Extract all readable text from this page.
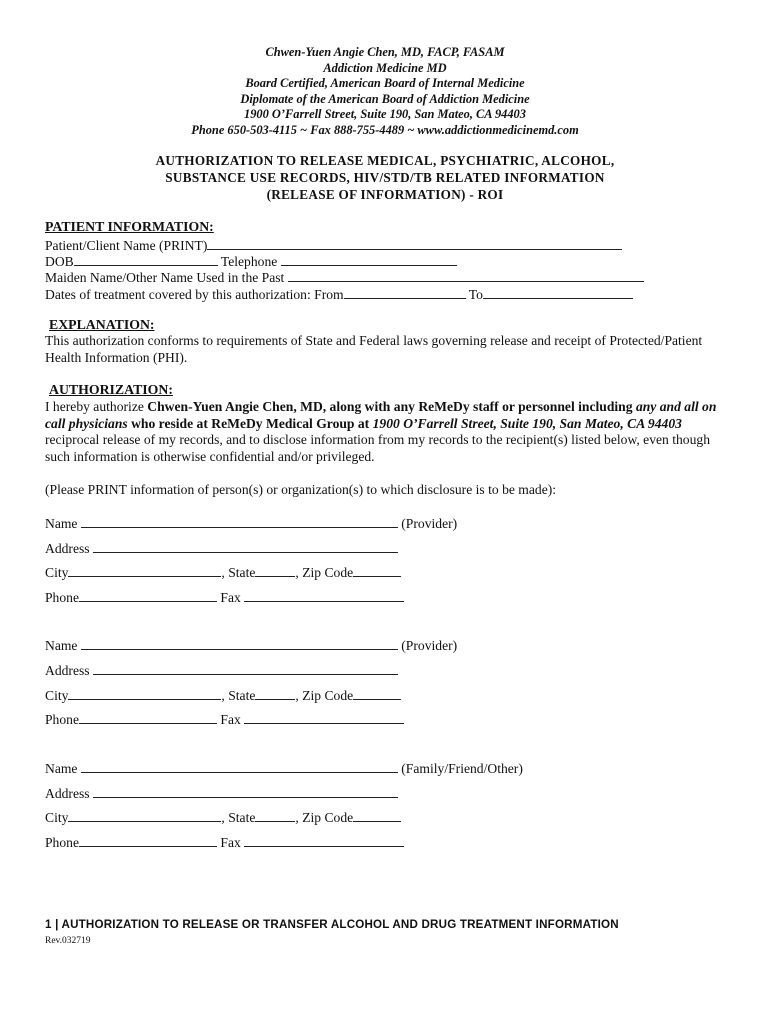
Chwen-Yuen Angie Chen, MD, FACP, FASAM
Addiction Medicine MD
Board Certified, American Board of Internal Medicine
Diplomate of the American Board of Addiction Medicine
1900 O’Farrell Street, Suite 190, San Mateo, CA 94403
Phone 650-503-4115 ~ Fax 888-755-4489 ~ www.addictionmedicinemd.com
AUTHORIZATION TO RELEASE MEDICAL, PSYCHIATRIC, ALCOHOL,
SUBSTANCE USE RECORDS, HIV/STD/TB RELATED INFORMATION
(RELEASE OF INFORMATION) - ROI
PATIENT INFORMATION:
Patient/Client Name (PRINT)
DOB	Telephone
Maiden Name/Other Name Used in the Past
Dates of treatment covered by this authorization: From	To
EXPLANATION:
This authorization conforms to requirements of State and Federal laws governing release and receipt of Protected/Patient Health Information (PHI).
AUTHORIZATION:
I hereby authorize Chwen-Yuen Angie Chen, MD, along with any ReMeDy staff or personnel including any and all on call physicians who reside at ReMeDy Medical Group at 1900 O’Farrell Street, Suite 190, San Mateo, CA 94403 reciprocal release of my records, and to disclose information from my records to the recipient(s) listed below, even though such information is otherwise confidential and/or privileged.
(Please PRINT information of person(s) or organization(s) to which disclosure is to be made):
Name	(Provider)
Address
City	, State	, Zip Code
Phone	Fax
Name	(Provider)
Address
City	, State	, Zip Code
Phone	Fax
Name	(Family/Friend/Other)
Address
City	, State	, Zip Code
Phone	Fax
1 | AUTHORIZATION TO RELEASE OR TRANSFER ALCOHOL AND DRUG TREATMENT INFORMATION
Rev.032719
